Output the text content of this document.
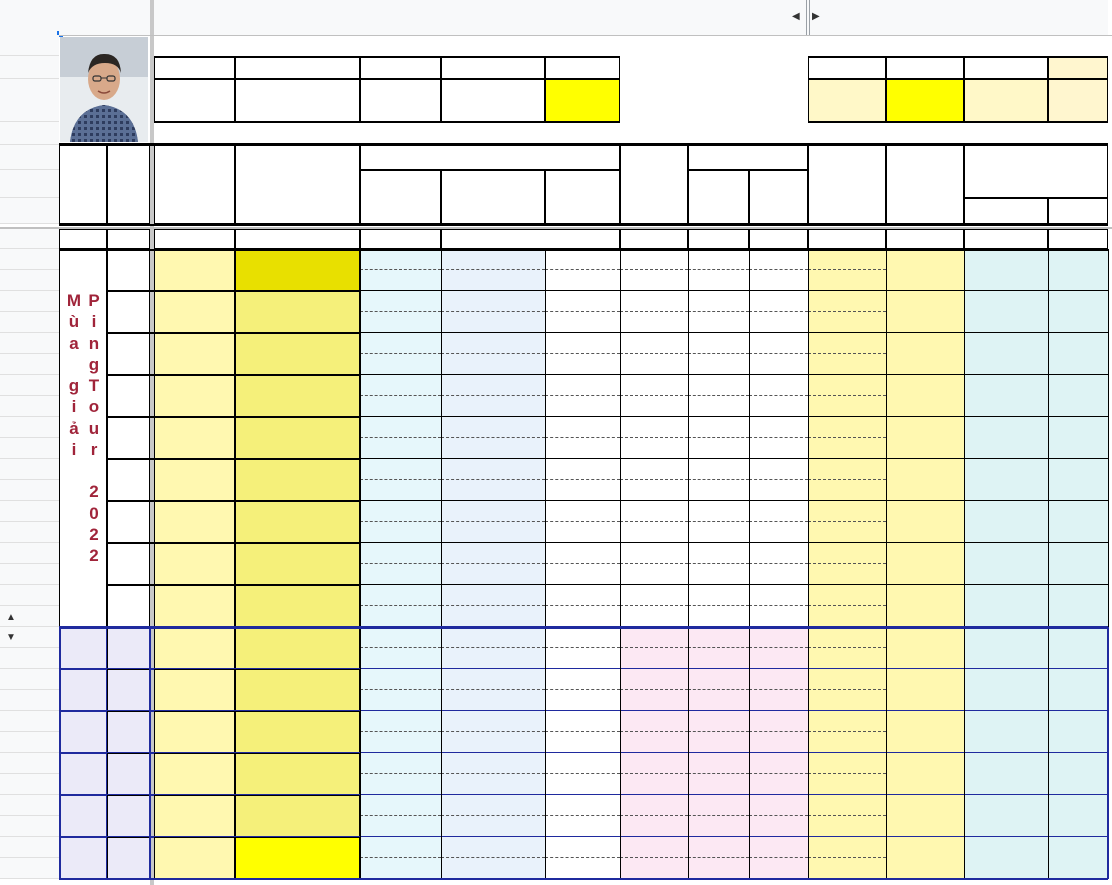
◀ ▶
▲
▼
M
ù
a

g
i
ả
i
P
i
n
g
T
o
u
r

2
0
2
2
